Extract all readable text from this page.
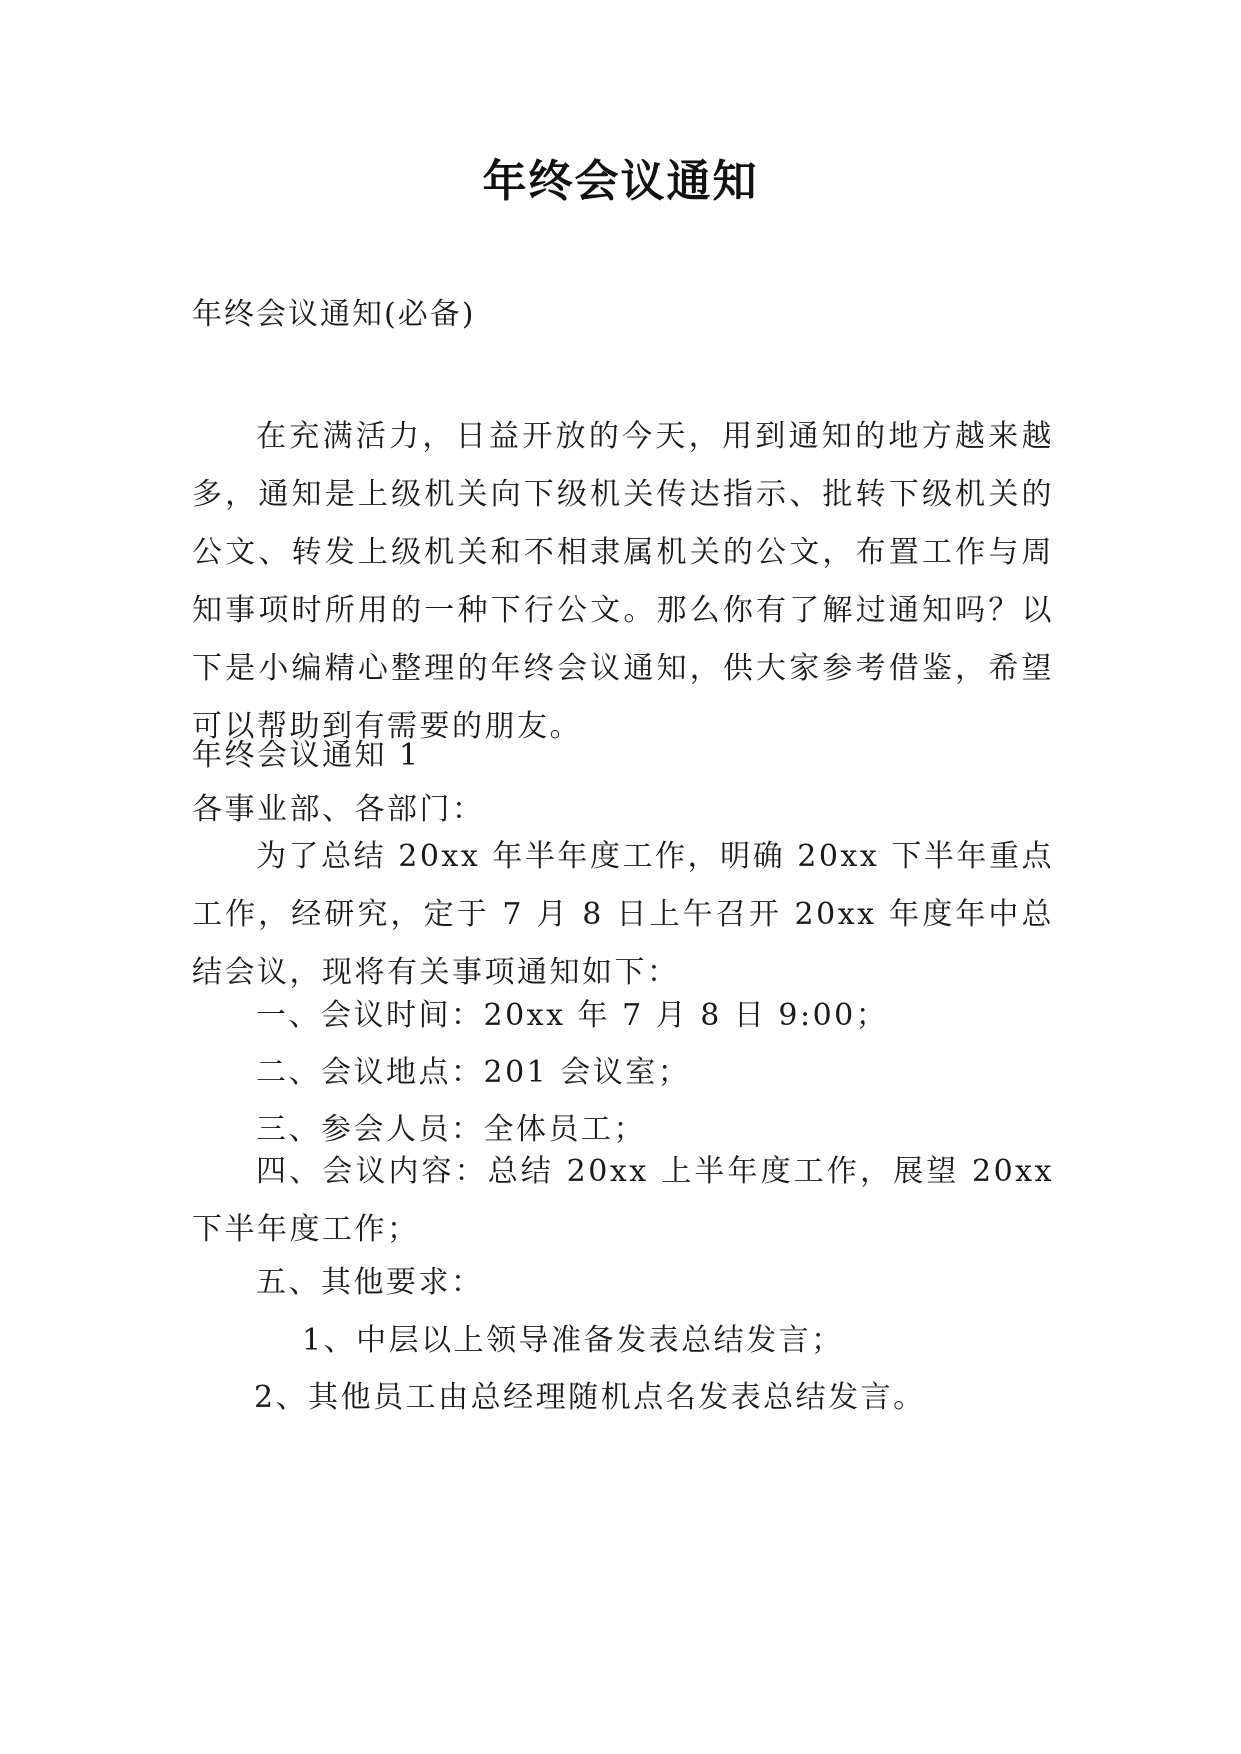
年终会议通知
年终会议通知(必备)

在充满活力，日益开放的今天，用到通知的地方越来越多，通知是上级机关向下级机关传达指示、批转下级机关的公文、转发上级机关和不相隶属机关的公文，布置工作与周知事项时所用的一种下行公文。那么你有了解过通知吗？以下是小编精心整理的年终会议通知，供大家参考借鉴，希望可以帮助到有需要的朋友。

年终会议通知 1
各事业部、各部门：

为了总结 20xx 年半年度工作，明确 20xx 下半年重点工作，经研究，定于 7 月 8 日上午召开 20xx 年度年中总结会议，现将有关事项通知如下：

一、会议时间：20xx 年 7 月 8 日 9:00；
二、会议地点：201 会议室；
三、参会人员：全体员工；

四、会议内容：总结 20xx 上半年度工作，展望 20xx 下半年度工作；

五、其他要求：
1、中层以上领导准备发表总结发言；
2、其他员工由总经理随机点名发表总结发言。
